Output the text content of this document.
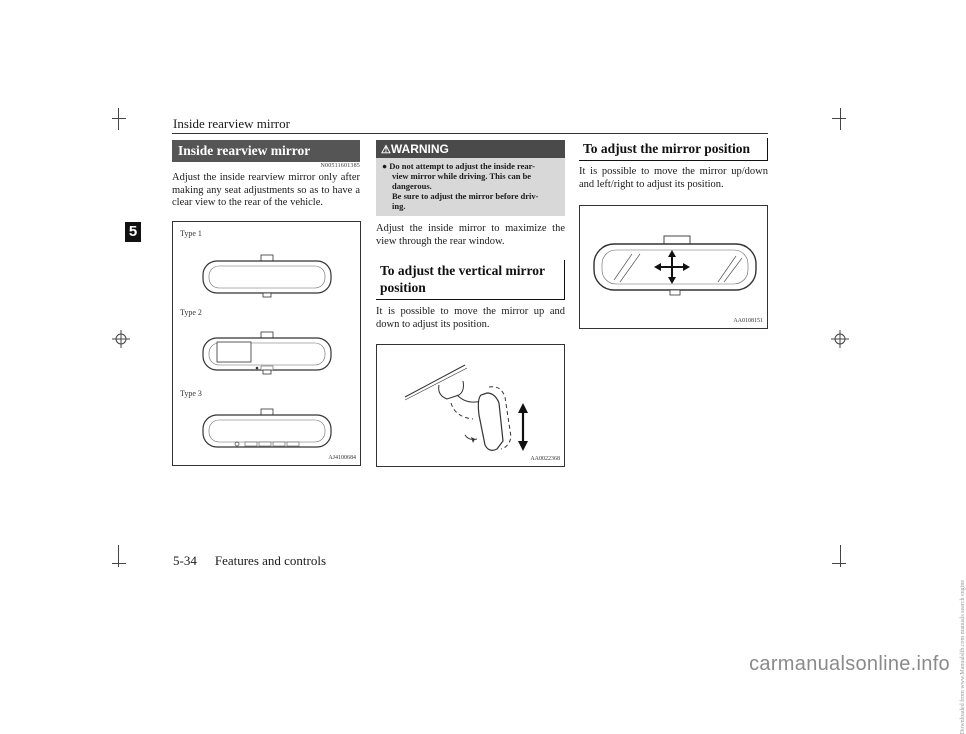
Inside rearview mirror
5
Inside rearview mirror
N00511601385
Adjust the inside rearview mirror only after making any seat adjustments so as to have a clear view to the rear of the vehicle.
Type 1
Type 2
Type 3
AJ4100684
⚠WARNING
● Do not attempt to adjust the inside rear-
view mirror while driving. This can be
dangerous.
Be sure to adjust the mirror before driv-
ing.
Adjust the inside mirror to maximize the view through the rear window.
To adjust the vertical mirror
position
It is possible to move the mirror up and down to adjust its position.
AA0022368
To adjust the mirror position
It is possible to move the mirror up/down and left/right to adjust its position.
AA0108151
5-34 Features and controls
carmanualsonline.info Downloaded from www.Manualslib.com manuals search engine
